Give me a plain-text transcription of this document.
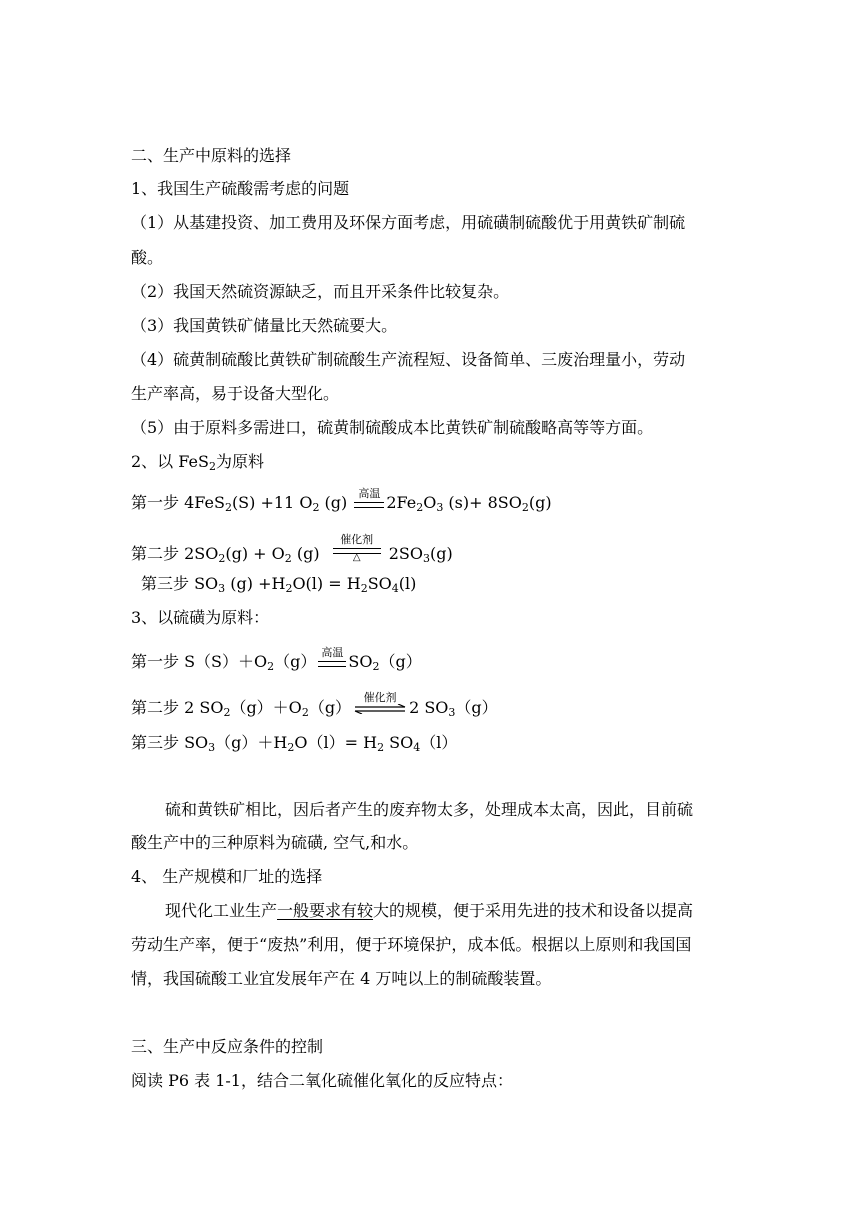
二、生产中原料的选择
1、我国生产硫酸需考虑的问题
（1）从基建投资、加工费用及环保方面考虑，用硫磺制硫酸优于用黄铁矿制硫
酸。
（2）我国天然硫资源缺乏，而且开采条件比较复杂。
（3）我国黄铁矿储量比天然硫要大。
（4）硫黄制硫酸比黄铁矿制硫酸生产流程短、设备简单、三废治理量小，劳动
生产率高，易于设备大型化。
（5）由于原料多需进口，硫黄制硫酸成本比黄铁矿制硫酸略高等等方面。
2、以 FeS$_2$为原料
第一步 4FeS$_2$(S) +11 $O_2$ (g) 高温 $2Fe_2O_3$ $(s)+ 8SO_2(g)$
第二步 $2SO_2(g) + O_2$ (g)
催化剂
△	$2SO_3(g)$
第三步 $SO_3$ $(g) +H_2O(l) = H_2SO_4(l)$
3、以硫磺为原料：
第一步 $S(S)+O_2(g)$ 高温 $SO_2(g)$
第二步 2 $SO_2(g)+O_2(g)$
催化剂
2 $SO_3(g)$
第三步 $SO_3(g)+H_2O(l)= H_2$ $SO_4(l)$
硫和黄铁矿相比，因后者产生的废弃物太多，处理成本太高，因此，目前硫
酸生产中的三种原料为硫磺, 空气,和水。
4、 生产规模和厂址的选择
现代化工业生产一般要求有较大的规模，便于采用先进的技术和设备以提高
劳动生产率，便于“废热”利用，便于环境保护，成本低。根据以上原则和我国国
情，我国硫酸工业宜发展年产在 4 万吨以上的制硫酸装置。
三、生产中反应条件的控制
阅读 P6 表 1-1，结合二氧化硫催化氧化的反应特点：
